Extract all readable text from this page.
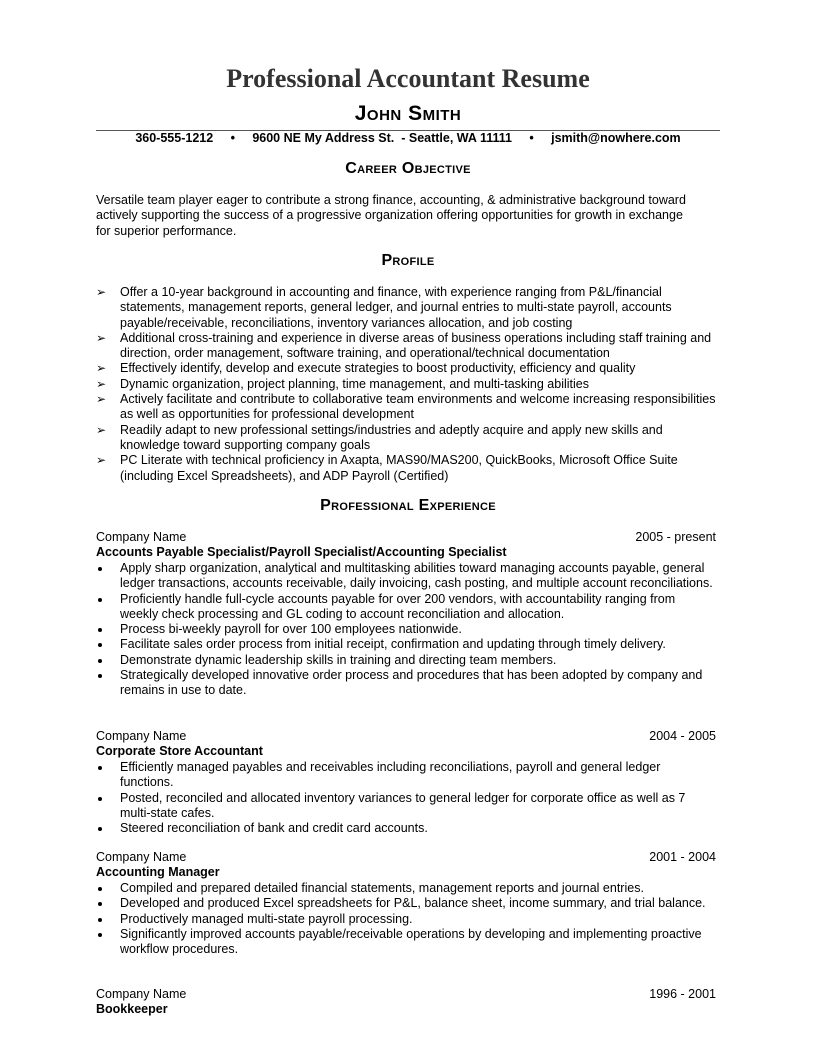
Professional Accountant Resume
John Smith
360-555-1212 • 9600 NE My Address St.  - Seattle, WA 11111 • jsmith@nowhere.com
Career Objective
Versatile team player eager to contribute a strong finance, accounting, & administrative background toward actively supporting the success of a progressive organization offering opportunities for growth in exchange for superior performance.
Profile
➢	Offer a 10-year background in accounting and finance, with experience ranging from P&L/financial statements, management reports, general ledger, and journal entries to multi-state payroll, accounts payable/receivable, reconciliations, inventory variances allocation, and job costing
➢	Additional cross-training and experience in diverse areas of business operations including staff training and direction, order management, software training, and operational/technical documentation
➢	Effectively identify, develop and execute strategies to boost productivity, efficiency and quality
➢	Dynamic organization, project planning, time management, and multi-tasking abilities
➢	Actively facilitate and contribute to collaborative team environments and welcome increasing responsibilities as well as opportunities for professional development
➢	Readily adapt to new professional settings/industries and adeptly acquire and apply new skills and knowledge toward supporting company goals
➢	PC Literate with technical proficiency in Axapta, MAS90/MAS200, QuickBooks, Microsoft Office Suite (including Excel Spreadsheets), and ADP Payroll (Certified)
Professional Experience
Company Name	2005 - present
Accounts Payable Specialist/Payroll Specialist/Accounting Specialist
Apply sharp organization, analytical and multitasking abilities toward managing accounts payable, general ledger transactions, accounts receivable, daily invoicing, cash posting, and multiple account reconciliations.
Proficiently handle full-cycle accounts payable for over 200 vendors, with accountability ranging from weekly check processing and GL coding to account reconciliation and allocation.
Process bi-weekly payroll for over 100 employees nationwide.
Facilitate sales order process from initial receipt, confirmation and updating through timely delivery.
Demonstrate dynamic leadership skills in training and directing team members.
Strategically developed innovative order process and procedures that has been adopted by company and remains in use to date.
Company Name	2004 - 2005
Corporate Store Accountant
Efficiently managed payables and receivables including reconciliations, payroll and general ledger functions.
Posted, reconciled and allocated inventory variances to general ledger for corporate office as well as 7 multi-state cafes.
Steered reconciliation of bank and credit card accounts.
Company Name	2001 - 2004
Accounting Manager
Compiled and prepared detailed financial statements, management reports and journal entries.
Developed and produced Excel spreadsheets for P&L, balance sheet, income summary, and trial balance.
Productively managed multi-state payroll processing.
Significantly improved accounts payable/receivable operations by developing and implementing proactive workflow procedures.
Company Name	1996 - 2001
Bookkeeper
